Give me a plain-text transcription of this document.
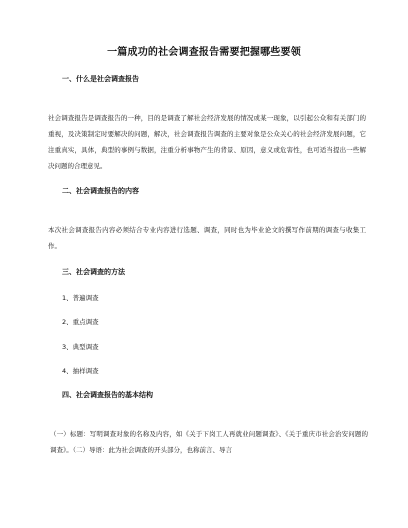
一篇成功的社会调查报告需要把握哪些要领
一、什么是社会调查报告
社会调查报告是调查报告的一种，目的是调查了解社会经济发展的情况或某一现象，以引起公众和有关部门的重视，及决策制定时要解决的问题，解决，社会调查报告调查的主要对象是公众关心的社会经济发展问题，它注重真实，具体，典型的事例与数据，注重分析事物产生的背景、原因，意义或危害性，也可适当提出一些解决问题的合理意见。
二、社会调查报告的内容
本次社会调查报告内容必须结合专业内容进行选题、调查，同时也为毕业论文的撰写作前期的调查与收集工作。
三、社会调查的方法
1、普遍调查
2、重点调查
3、典型调查
4、抽样调查
四、社会调查报告的基本结构
（一）标题：写明调查对象的名称及内容，如《关于下岗工人再就业问题调查》、《关于重庆市社会治安问题的调查》。（二）导语：此为社会调查的开头部分，也称前言、导言
